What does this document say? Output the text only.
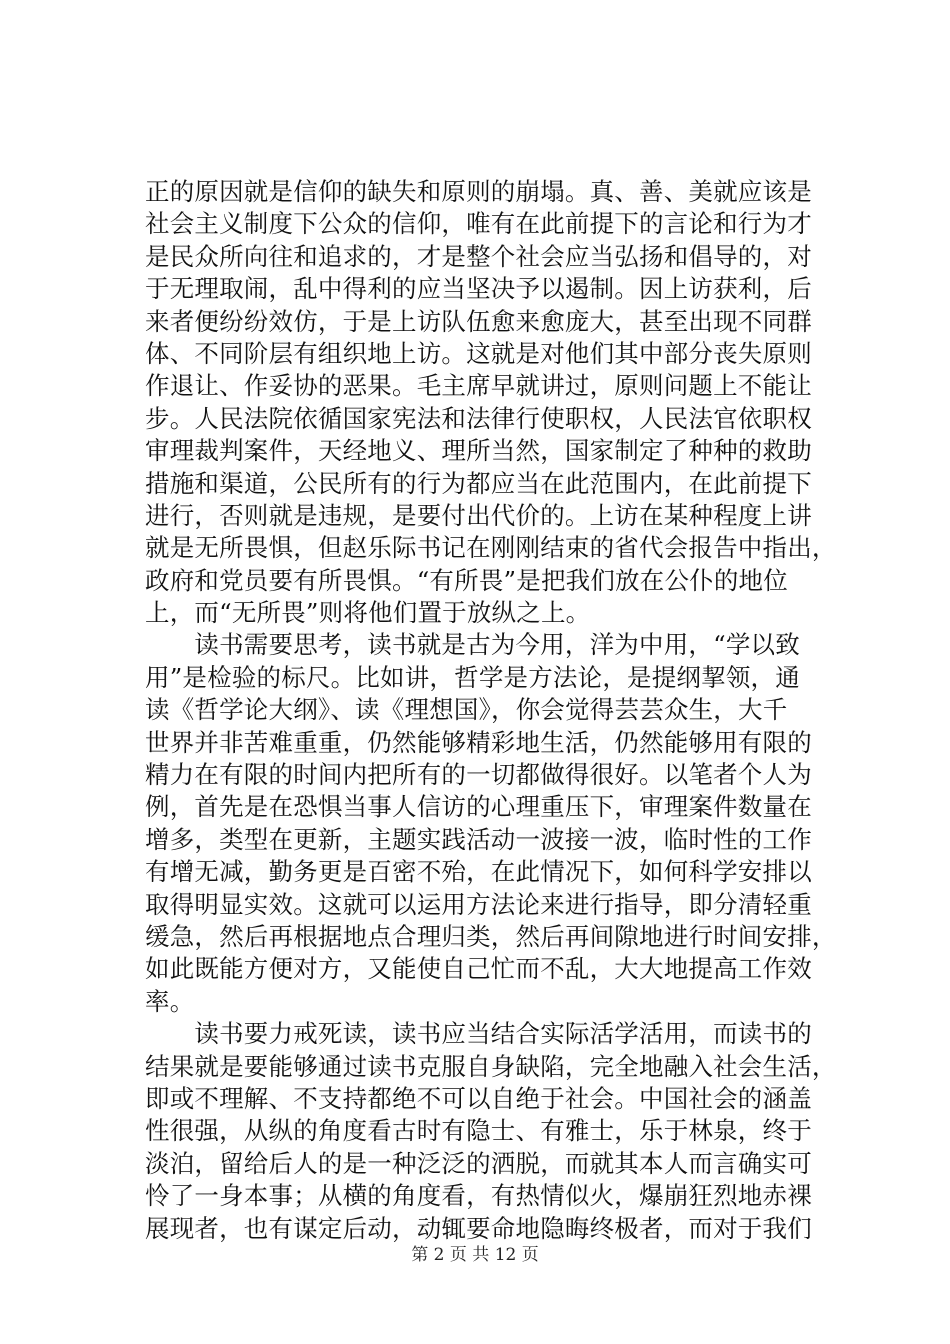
正的原因就是信仰的缺失和原则的崩塌。真、善、美就应该是
社会主义制度下公众的信仰，唯有在此前提下的言论和行为才
是民众所向往和追求的，才是整个社会应当弘扬和倡导的，对
于无理取闹，乱中得利的应当坚决予以遏制。因上访获利，后
来者便纷纷效仿，于是上访队伍愈来愈庞大，甚至出现不同群
体、不同阶层有组织地上访。这就是对他们其中部分丧失原则
作退让、作妥协的恶果。毛主席早就讲过，原则问题上不能让
步。人民法院依循国家宪法和法律行使职权，人民法官依职权
审理裁判案件，天经地义、理所当然，国家制定了种种的救助
措施和渠道，公民所有的行为都应当在此范围内，在此前提下
进行，否则就是违规，是要付出代价的。上访在某种程度上讲
就是无所畏惧，但赵乐际书记在刚刚结束的省代会报告中指出，
政府和党员要有所畏惧。“有所畏”是把我们放在公仆的地位
上，而“无所畏”则将他们置于放纵之上。
　　读书需要思考，读书就是古为今用，洋为中用，“学以致
用”是检验的标尺。比如讲，哲学是方法论，是提纲挈领，通
读《哲学论大纲》、读《理想国》，你会觉得芸芸众生，大千
世界并非苦难重重，仍然能够精彩地生活，仍然能够用有限的
精力在有限的时间内把所有的一切都做得很好。以笔者个人为
例，首先是在恐惧当事人信访的心理重压下，审理案件数量在
增多，类型在更新，主题实践活动一波接一波，临时性的工作
有增无减，勤务更是百密不殆，在此情况下，如何科学安排以
取得明显实效。这就可以运用方法论来进行指导，即分清轻重
缓急，然后再根据地点合理归类，然后再间隙地进行时间安排，
如此既能方便对方，又能使自己忙而不乱，大大地提高工作效
率。
　　读书要力戒死读，读书应当结合实际活学活用，而读书的
结果就是要能够通过读书克服自身缺陷，完全地融入社会生活，
即或不理解、不支持都绝不可以自绝于社会。中国社会的涵盖
性很强，从纵的角度看古时有隐士、有雅士，乐于林泉，终于
淡泊，留给后人的是一种泛泛的洒脱，而就其本人而言确实可
怜了一身本事；从横的角度看，有热情似火，爆崩狂烈地赤裸
展现者，也有谋定后动，动辄要命地隐晦终极者，而对于我们
第 2 页 共 12 页
